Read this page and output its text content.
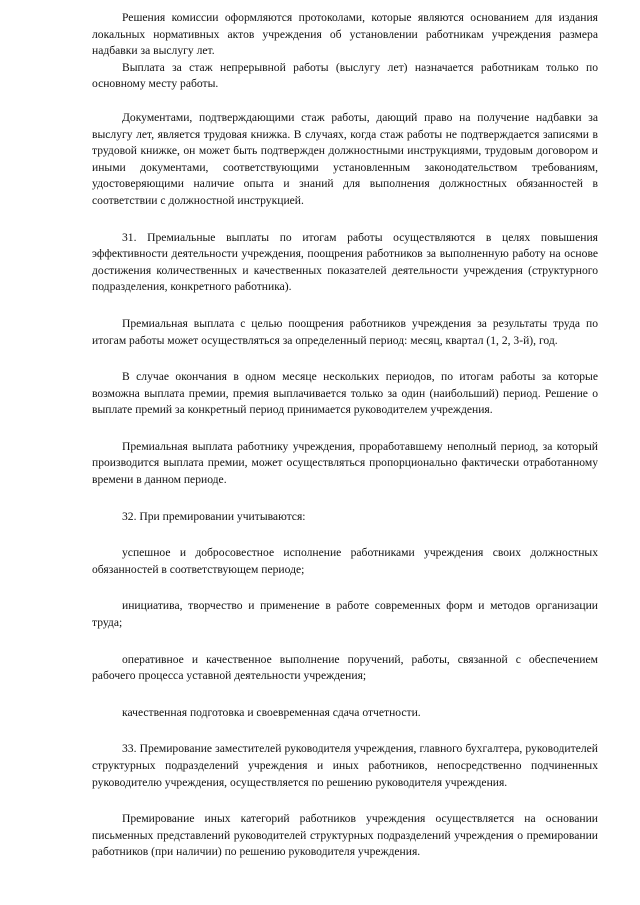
Решения комиссии оформляются протоколами, которые являются основанием для издания локальных нормативных актов учреждения об установлении работникам учреждения размера надбавки за выслугу лет.

Выплата за стаж непрерывной работы (выслугу лет) назначается работникам только по основному месту работы.

Документами, подтверждающими стаж работы, дающий право на получение надбавки за выслугу лет, является трудовая книжка. В случаях, когда стаж работы не подтверждается записями в трудовой книжке, он может быть подтвержден должностными инструкциями, трудовым договором и иными документами, соответствующими установленным законодательством требованиям, удостоверяющими наличие опыта и знаний для выполнения должностных обязанностей в соответствии с должностной инструкцией.

31. Премиальные выплаты по итогам работы осуществляются в целях повышения эффективности деятельности учреждения, поощрения работников за выполненную работу на основе достижения количественных и качественных показателей деятельности учреждения (структурного подразделения, конкретного работника).

Премиальная выплата с целью поощрения работников учреждения за результаты труда по итогам работы может осуществляться за определенный период: месяц, квартал (1, 2, 3-й), год.

В случае окончания в одном месяце нескольких периодов, по итогам работы за которые возможна выплата премии, премия выплачивается только за один (наибольший) период. Решение о выплате премий за конкретный период принимается руководителем учреждения.

Премиальная выплата работнику учреждения, проработавшему неполный период, за который производится выплата премии, может осуществляться пропорционально фактически отработанному времени в данном периоде.

32. При премировании учитываются:

успешное и добросовестное исполнение работниками учреждения своих должностных обязанностей в соответствующем периоде;

инициатива, творчество и применение в работе современных форм и методов организации труда;

оперативное и качественное выполнение поручений, работы, связанной с обеспечением рабочего процесса уставной деятельности учреждения;

качественная подготовка и своевременная сдача отчетности.

33. Премирование заместителей руководителя учреждения, главного бухгалтера, руководителей структурных подразделений учреждения и иных работников, непосредственно подчиненных руководителю учреждения, осуществляется по решению руководителя учреждения.

Премирование иных категорий работников учреждения осуществляется на основании письменных представлений руководителей структурных подразделений учреждения о премировании работников (при наличии) по решению руководителя учреждения.
